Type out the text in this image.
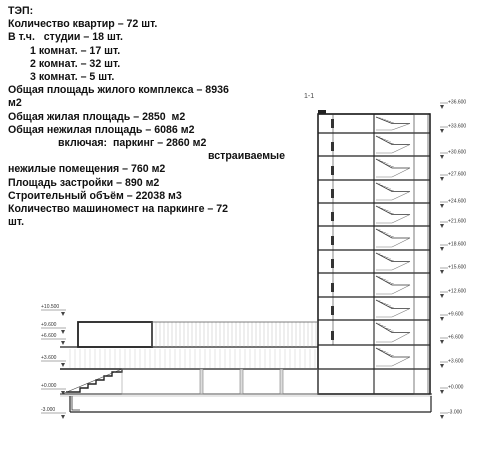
ТЭП:
Количество квартир – 72 шт.
В т.ч.   студии – 18 шт.
1 комнат. – 17 шт.
2 комнат. – 32 шт.
3 комнат. – 5 шт.
Общая площадь жилого комплекса – 8936
м2
Общая жилая площадь – 2850  м2
Общая нежилая площадь – 6086 м2
включая:  паркинг – 2860 м2
встраиваемые
нежилые помещения – 760 м2
Площадь застройки – 890 м2
Строительный объём – 22038 м3
Количество машиномест на паркинге – 72
шт.
1-1
+36.600
+33.600
+30.600
+27.600
+24.600
+21.600
+18.600
+15.600
+12.600
+9.600
+6.600
+3.600
+0.000
-3.000
+10.500
+9.600
+6.600
+3.600
+0.000
-3.000
